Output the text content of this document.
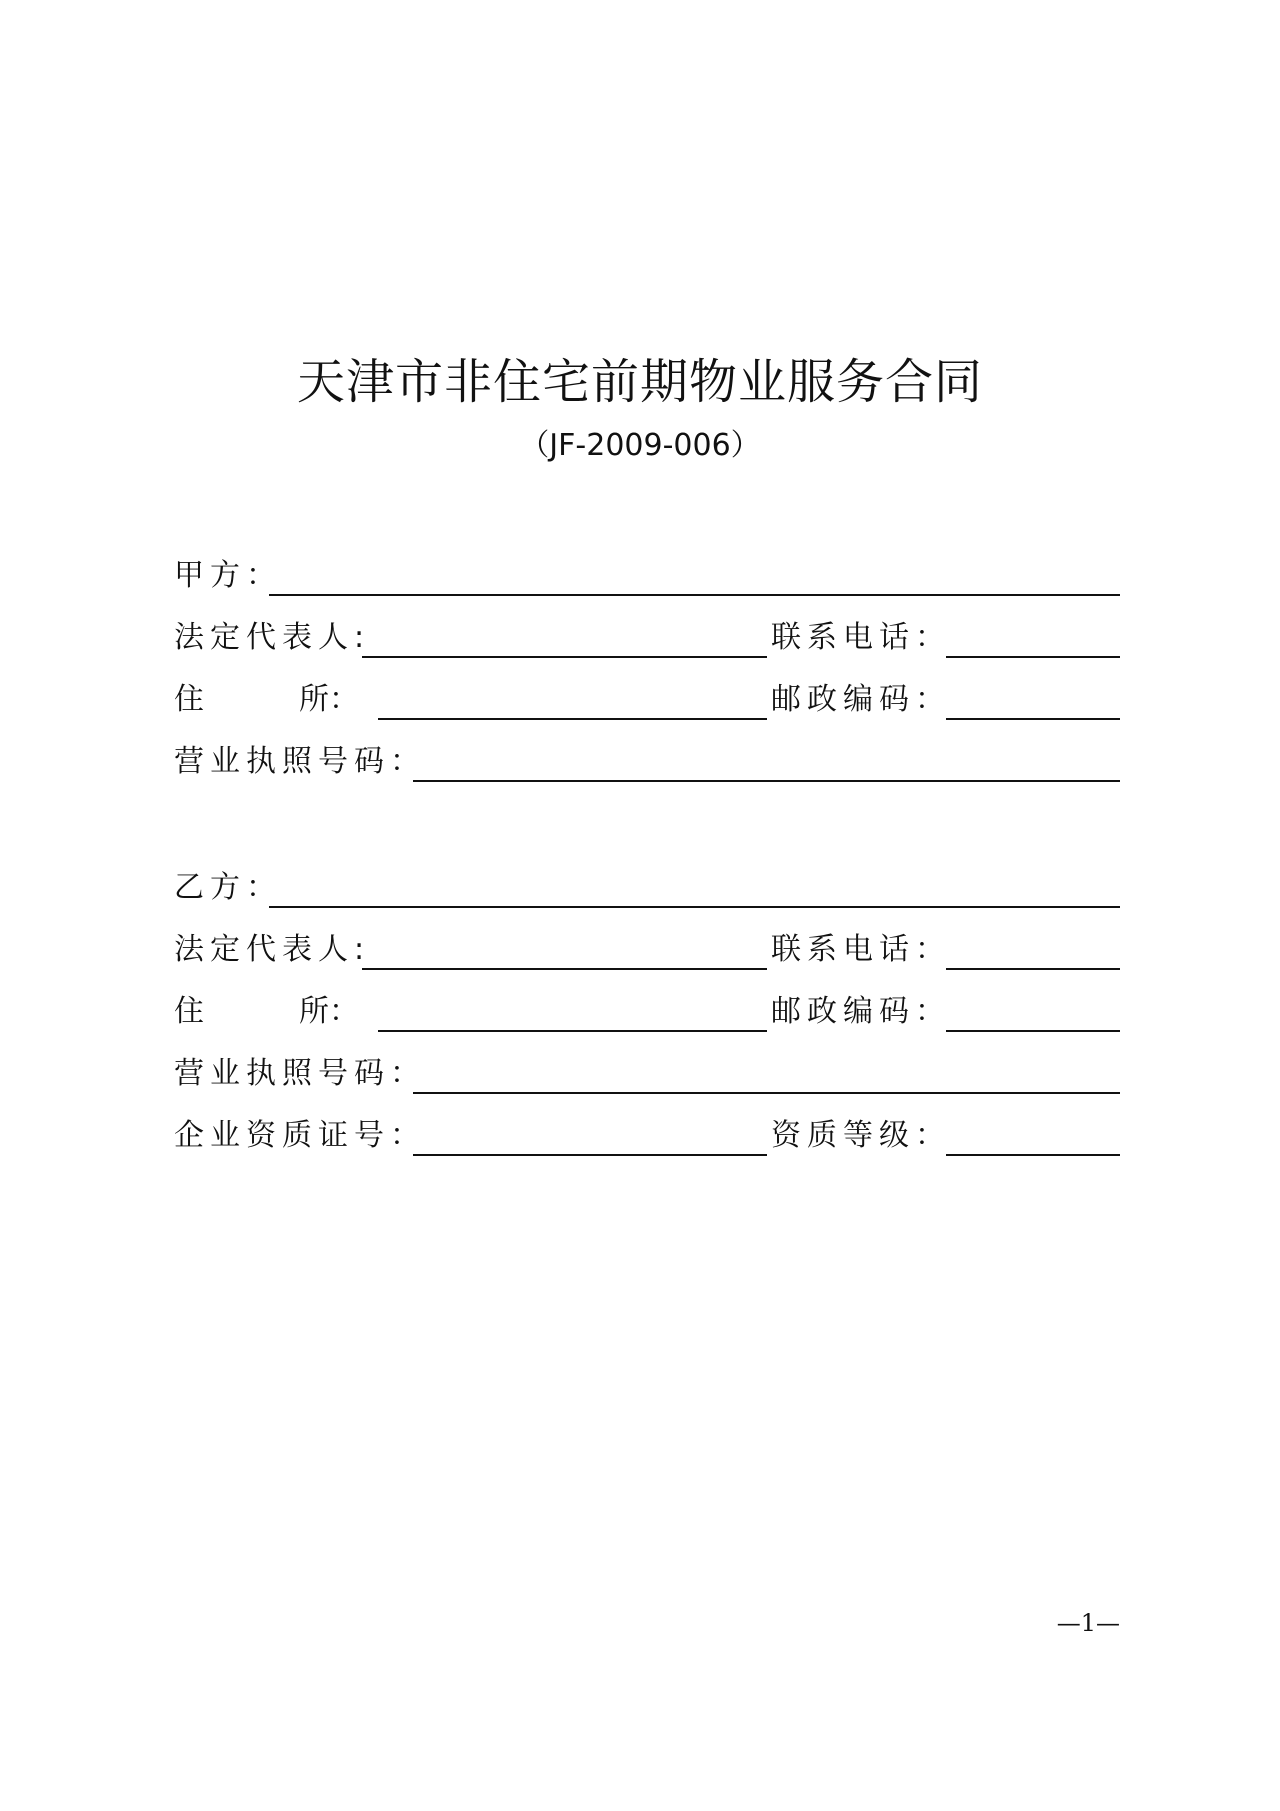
天津市非住宅前期物业服务合同
（JF-2009-006）
甲方：
法定代表人:	联系电话：
住	所：	邮政编码：
营业执照号码：
乙方：
法定代表人:	联系电话：
住	所：	邮政编码：
营业执照号码：
企业资质证号：	资质等级：
—1—
